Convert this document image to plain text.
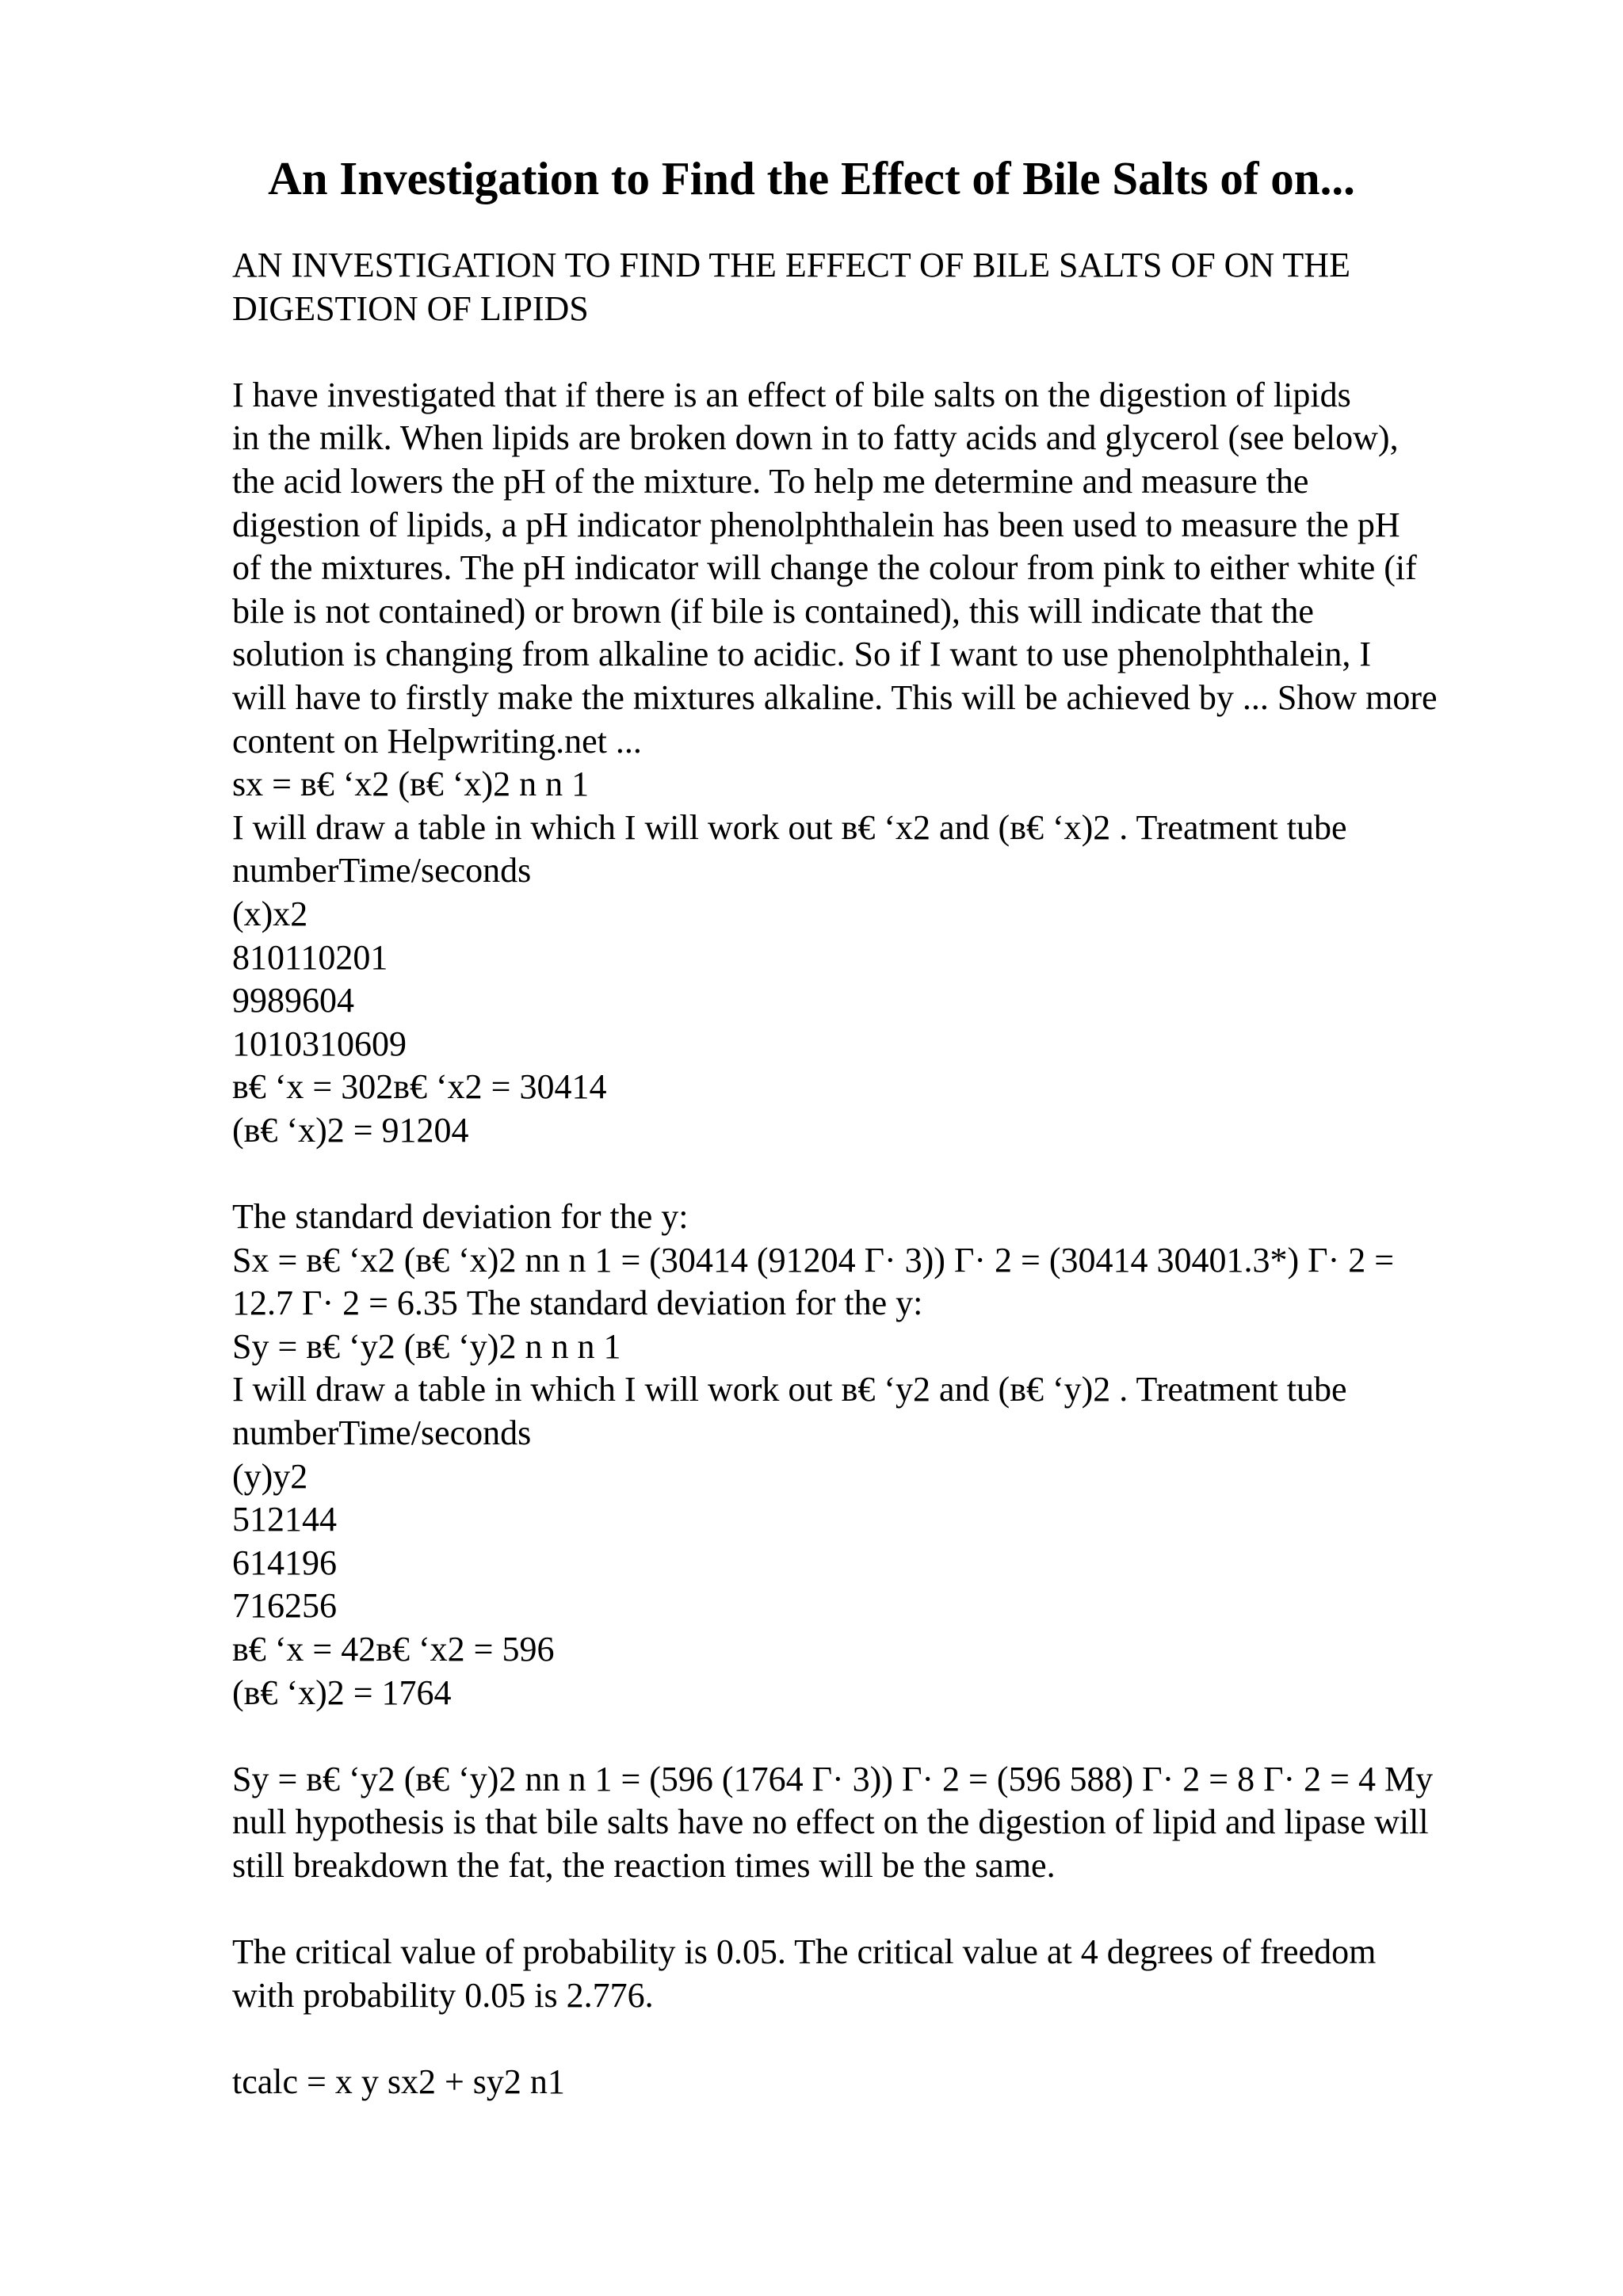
An Investigation to Find the Effect of Bile Salts of on...
AN INVESTIGATION TO FIND THE EFFECT OF BILE SALTS OF ON THE
DIGESTION OF LIPIDS
I have investigated that if there is an effect of bile salts on the digestion of lipids
in the milk. When lipids are broken down in to fatty acids and glycerol (see below),
the acid lowers the pH of the mixture. To help me determine and measure the
digestion of lipids, a pH indicator phenolphthalein has been used to measure the pH
of the mixtures. The pH indicator will change the colour from pink to either white (if
bile is not contained) or brown (if bile is contained), this will indicate that the
solution is changing from alkaline to acidic. So if I want to use phenolphthalein, I
will have to firstly make the mixtures alkaline. This will be achieved by ... Show more
content on Helpwriting.net ...
sx = в€ ‘x2 (в€ ‘x)2 n n 1
I will draw a table in which I will work out в€ ‘x2 and (в€ ‘x)2 . Treatment tube
numberTime/seconds
(x)x2
810110201
9989604
1010310609
в€ ‘x = 302в€ ‘x2 = 30414
(в€ ‘x)2 = 91204
The standard deviation for the y:
Sx = в€ ‘x2 (в€ ‘x)2 nn n 1 = (30414 (91204 Г· 3)) Г· 2 = (30414 30401.3*) Г· 2 =
12.7 Г· 2 = 6.35 The standard deviation for the y:
Sy = в€ ‘y2 (в€ ‘y)2 n n n 1
I will draw a table in which I will work out в€ ‘y2 and (в€ ‘y)2 . Treatment tube
numberTime/seconds
(y)y2
512144
614196
716256
в€ ‘x = 42в€ ‘x2 = 596
(в€ ‘x)2 = 1764
Sy = в€ ‘y2 (в€ ‘y)2 nn n 1 = (596 (1764 Г· 3)) Г· 2 = (596 588) Г· 2 = 8 Г· 2 = 4 My
null hypothesis is that bile salts have no effect on the digestion of lipid and lipase will
still breakdown the fat, the reaction times will be the same.
The critical value of probability is 0.05. The critical value at 4 degrees of freedom
with probability 0.05 is 2.776.
tcalc = x y sx2 + sy2 n1
